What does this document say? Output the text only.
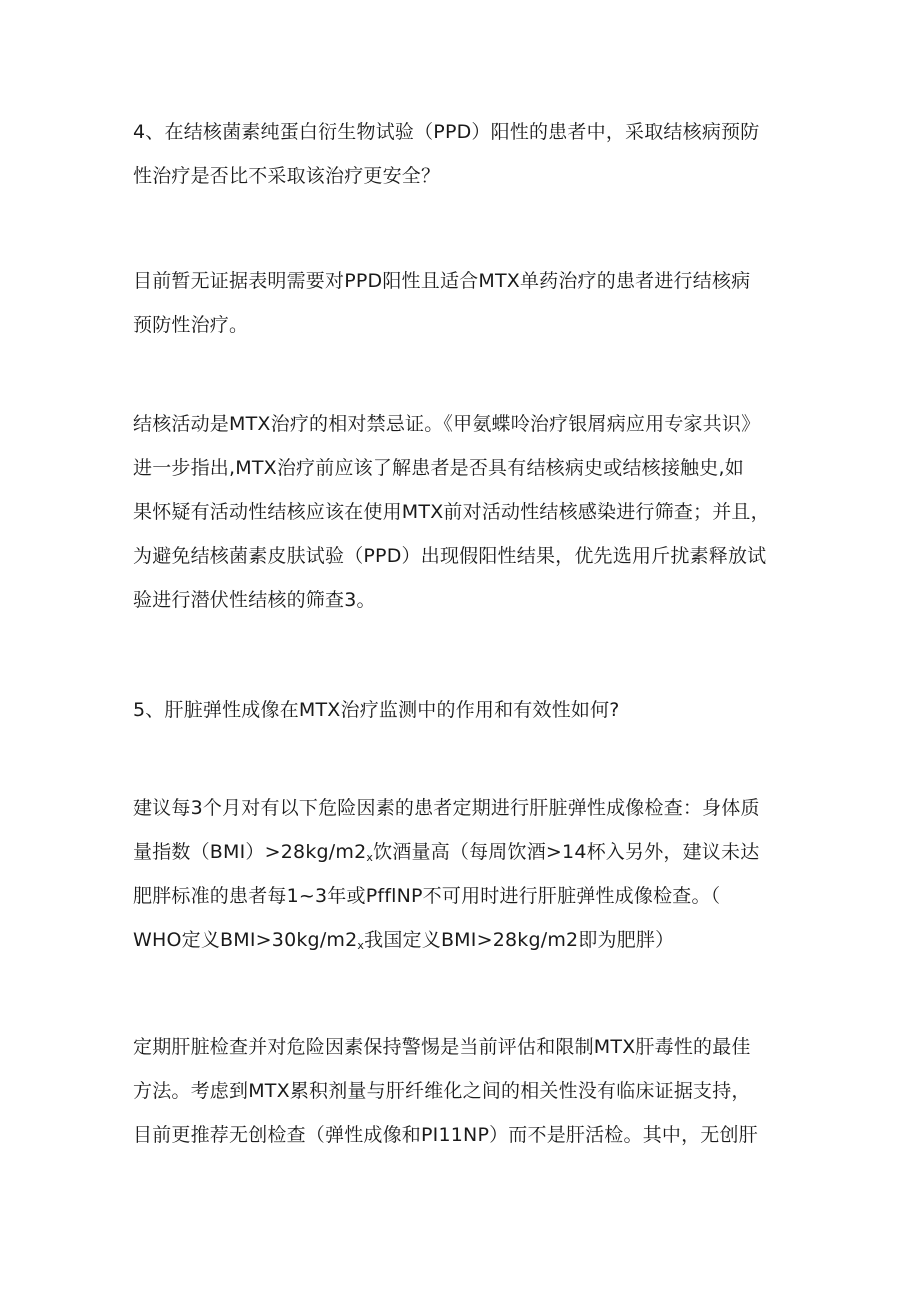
4、在结核菌素纯蛋白衍生物试验（PPD）阳性的患者中，采取结核病预防
性治疗是否比不采取该治疗更安全？
目前暂无证据表明需要对PPD阳性且适合MTX单药治疗的患者进行结核病
预防性治疗。
结核活动是MTX治疗的相对禁忌证。《甲氨蝶呤治疗银屑病应用专家共识》
进一步指出,MTX治疗前应该了解患者是否具有结核病史或结核接触史,如
果怀疑有活动性结核应该在使用MTX前对活动性结核感染进行筛查；并且，
为避免结核菌素皮肤试验（PPD）出现假阳性结果，优先选用斤扰素释放试
验进行潜伏性结核的筛查3。
5、肝脏弹性成像在MTX治疗监测中的作用和有效性如何?
建议每3个月对有以下危险因素的患者定期进行肝脏弹性成像检查：身体质
量指数$(BMI)>28kg∕m2_x$饮酒量高（每周饮酒>14杯入另外，建议未达
肥胖标准的患者每1~3年或PfflNP不可用时进行肝脏弹性成像检查。（
WHO定义$BMI>30kg∕m2_x$我国定义BMI>28kg∕m2即为肥胖）
定期肝脏检查并对危险因素保持警惕是当前评估和限制MTX肝毒性的最佳
方法。考虑到MTX累积剂量与肝纤维化之间的相关性没有临床证据支持，
目前更推荐无创检查（弹性成像和PI11NP）而不是肝活检。其中，无创肝
